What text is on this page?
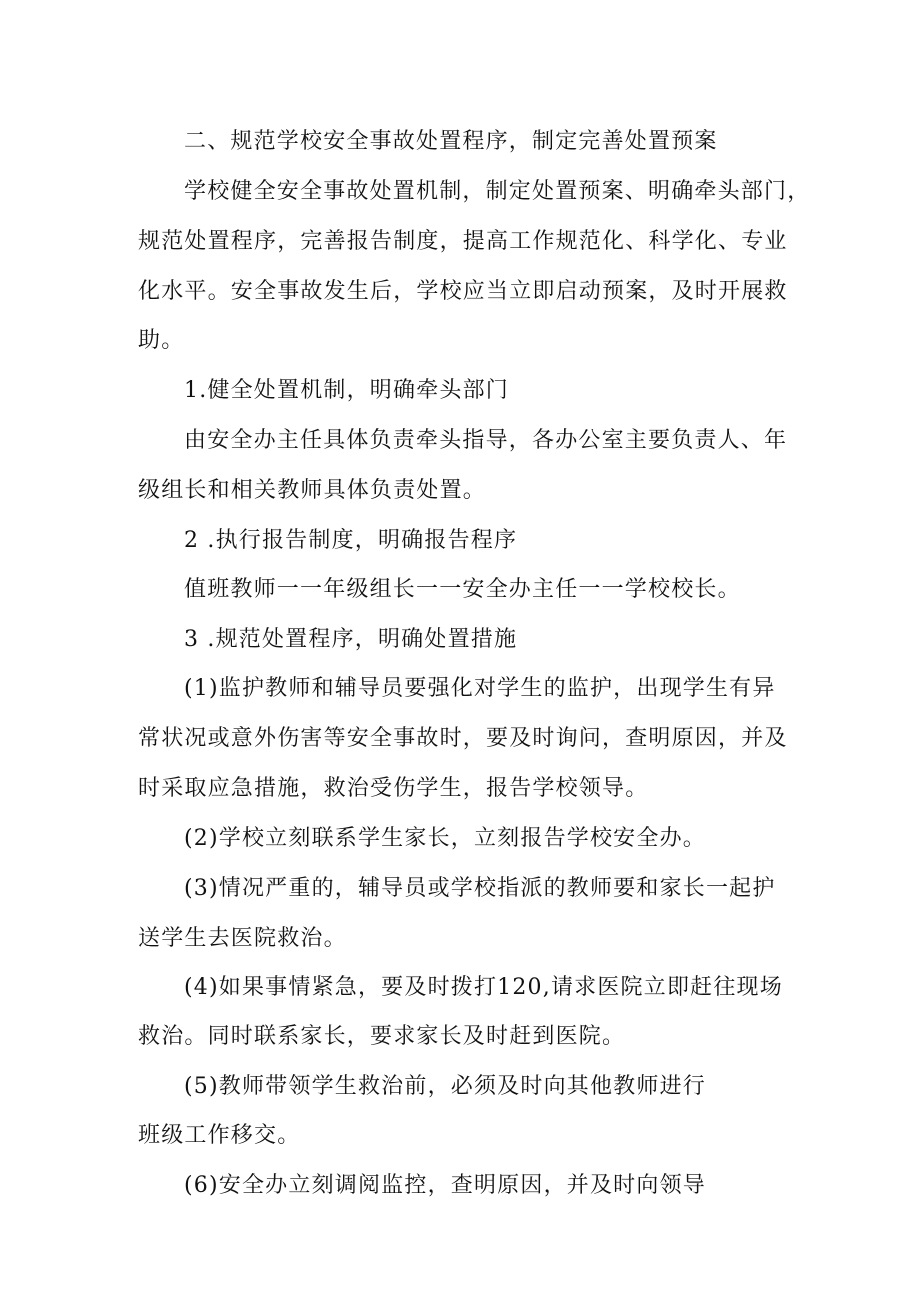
二、规范学校安全事故处置程序，制定完善处置预案
学校健全安全事故处置机制，制定处置预案、明确牵头部门，
规范处置程序，完善报告制度，提高工作规范化、科学化、专业
化水平。安全事故发生后，学校应当立即启动预案，及时开展救
助。
1.健全处置机制，明确牵头部门
由安全办主任具体负责牵头指导，各办公室主要负责人、年
级组长和相关教师具体负责处置。
2 .执行报告制度，明确报告程序
值班教师一一年级组长一一安全办主任一一学校校长。
3 .规范处置程序，明确处置措施
(1)监护教师和辅导员要强化对学生的监护，出现学生有异
常状况或意外伤害等安全事故时，要及时询问，查明原因，并及
时采取应急措施，救治受伤学生，报告学校领导。
(2)学校立刻联系学生家长，立刻报告学校安全办。
(3)情况严重的，辅导员或学校指派的教师要和家长一起护
送学生去医院救治。
(4)如果事情紧急，要及时拨打120,请求医院立即赶往现场
救治。同时联系家长，要求家长及时赶到医院。
(5)教师带领学生救治前，必须及时向其他教师进行
班级工作移交。
(6)安全办立刻调阅监控，查明原因，并及时向领导
